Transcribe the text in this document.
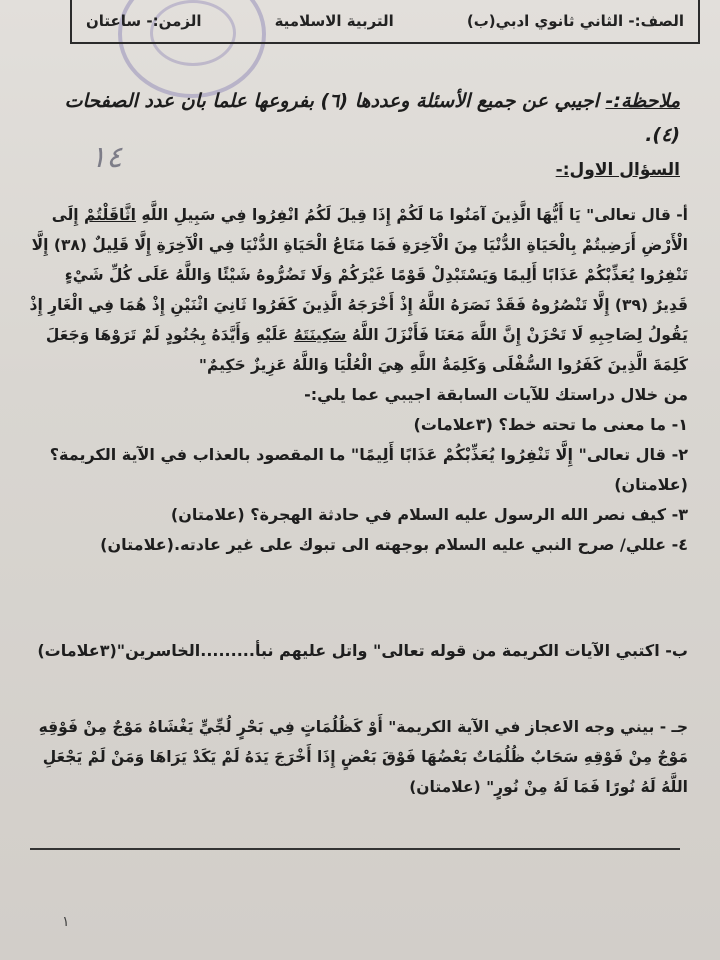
الصف:- الثاني ثانوي ادبي(ب)
التربية الاسلامية
الزمن:- ساعتان
ملاحظة:- اجيبي عن جميع الأسئلة وعددها (٦) بفروعها علما بان عدد الصفحات (٤).
١٤	السؤال الاول:-
أ- قال تعالى" يَا أَيُّهَا الَّذِينَ آمَنُوا مَا لَكُمْ إِذَا قِيلَ لَكُمُ انْفِرُوا فِي سَبِيلِ اللَّهِ اثَّاقَلْتُمْ إِلَى الْأَرْضِ أَرَضِيتُمْ بِالْحَيَاةِ الدُّنْيَا مِنَ الْآخِرَةِ فَمَا مَتَاعُ الْحَيَاةِ الدُّنْيَا فِي الْآخِرَةِ إِلَّا قَلِيلٌ (٣٨) إِلَّا تَنْفِرُوا يُعَذِّبْكُمْ عَذَابًا أَلِيمًا وَيَسْتَبْدِلْ قَوْمًا غَيْرَكُمْ وَلَا تَضُرُّوهُ شَيْئًا وَاللَّهُ عَلَى كُلِّ شَيْءٍ قَدِيرٌ (٣٩) إِلَّا تَنْصُرُوهُ فَقَدْ نَصَرَهُ اللَّهُ إِذْ أَخْرَجَهُ الَّذِينَ كَفَرُوا ثَانِيَ اثْنَيْنِ إِذْ هُمَا فِي الْغَارِ إِذْ يَقُولُ لِصَاحِبِهِ لَا تَحْزَنْ إِنَّ اللَّهَ مَعَنَا فَأَنْزَلَ اللَّهُ سَكِينَتَهُ عَلَيْهِ وَأَيَّدَهُ بِجُنُودٍ لَمْ تَرَوْهَا وَجَعَلَ كَلِمَةَ الَّذِينَ كَفَرُوا السُّفْلَى وَكَلِمَةُ اللَّهِ هِيَ الْعُلْيَا وَاللَّهُ عَزِيزٌ حَكِيمٌ"
من خلال دراستك للآيات السابقة اجيبي عما يلي:-
١- ما معنى ما تحته خط؟ (٣علامات)
٢- قال تعالى" إِلَّا تَنْفِرُوا يُعَذِّبْكُمْ عَذَابًا أَلِيمًا" ما المقصود بالعذاب في الآية الكريمة؟ (علامتان)
٣- كيف نصر الله الرسول عليه السلام في حادثة الهجرة؟ (علامتان)
٤- عللي/ صرح النبي عليه السلام بوجهته الى تبوك على غير عادته.(علامتان)
ب- اكتبي الآيات الكريمة من قوله تعالى" واتل عليهم نبأ.........الخاسرين"(٣علامات)
جـ - بيني وجه الاعجاز في الآية الكريمة" أَوْ كَظُلُمَاتٍ فِي بَحْرٍ لُجِّيٍّ يَغْشَاهُ مَوْجٌ مِنْ فَوْقِهِ مَوْجٌ مِنْ فَوْقِهِ سَحَابٌ ظُلُمَاتٌ بَعْضُهَا فَوْقَ بَعْضٍ إِذَا أَخْرَجَ يَدَهُ لَمْ يَكَدْ يَرَاهَا وَمَنْ لَمْ يَجْعَلِ اللَّهُ لَهُ نُورًا فَمَا لَهُ مِنْ نُورٍ" (علامتان)
١
